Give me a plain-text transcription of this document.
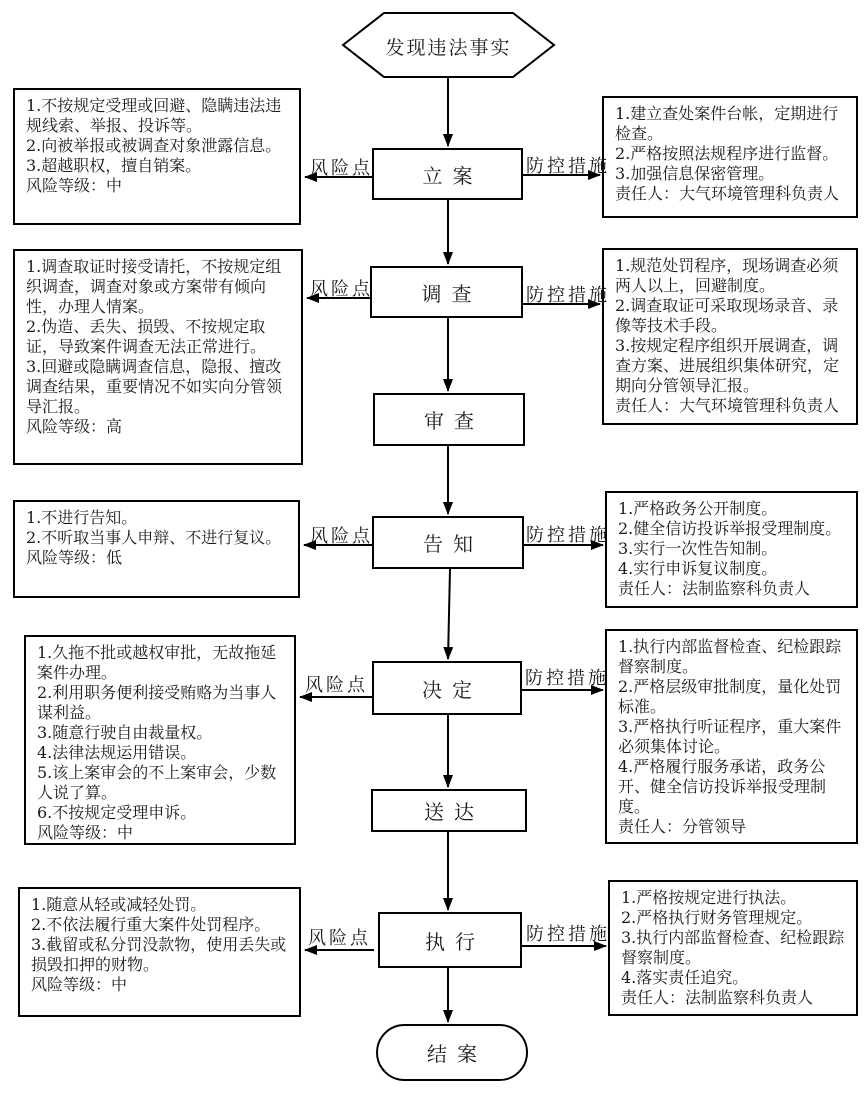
发现违法事实
立案
调查
审查
告知
决定
送达
执行
结案
1.不按规定受理或回避、隐瞒违法违规线索、举报、投诉等。
2.向被举报或被调查对象泄露信息。
3.超越职权，擅自销案。
风险等级：中
1.调查取证时接受请托，不按规定组织调查，调查对象或方案带有倾向性，办理人情案。
2.伪造、丢失、损毁、不按规定取证，导致案件调查无法正常进行。
3.回避或隐瞒调查信息，隐报、擅改调查结果，重要情况不如实向分管领导汇报。
风险等级：高
1.不进行告知。
2.不听取当事人申辩、不进行复议。
风险等级：低
1.久拖不批或越权审批，无故拖延案件办理。
2.利用职务便利接受贿赂为当事人谋利益。
3.随意行驶自由裁量权。
4.法律法规运用错误。
5.该上案审会的不上案审会，少数人说了算。
6.不按规定受理申诉。
风险等级：中
1.随意从轻或减轻处罚。
2.不依法履行重大案件处罚程序。
3.截留或私分罚没款物，使用丢失或损毁扣押的财物。
风险等级：中
1.建立查处案件台帐，定期进行检查。
2.严格按照法规程序进行监督。
3.加强信息保密管理。
责任人：大气环境管理科负责人
1.规范处罚程序，现场调查必须两人以上，回避制度。
2.调查取证可采取现场录音、录像等技术手段。
3.按规定程序组织开展调查，调查方案、进展组织集体研究，定期向分管领导汇报。
责任人：大气环境管理科负责人
1.严格政务公开制度。
2.健全信访投诉举报受理制度。
3.实行一次性告知制。
4.实行申诉复议制度。
责任人：法制监察科负责人
1.执行内部监督检查、纪检跟踪督察制度。
2.严格层级审批制度，量化处罚标准。
3.严格执行听证程序，重大案件必须集体讨论。
4.严格履行服务承诺，政务公开、健全信访投诉举报受理制度。
责任人：分管领导
1.严格按规定进行执法。
2.严格执行财务管理规定。
3.执行内部监督检查、纪检跟踪督察制度。
4.落实责任追究。
责任人：法制监察科负责人
风险点
风险点
风险点
风险点
风险点
防控措施
防控措施
防控措施
防控措施
防控措施
